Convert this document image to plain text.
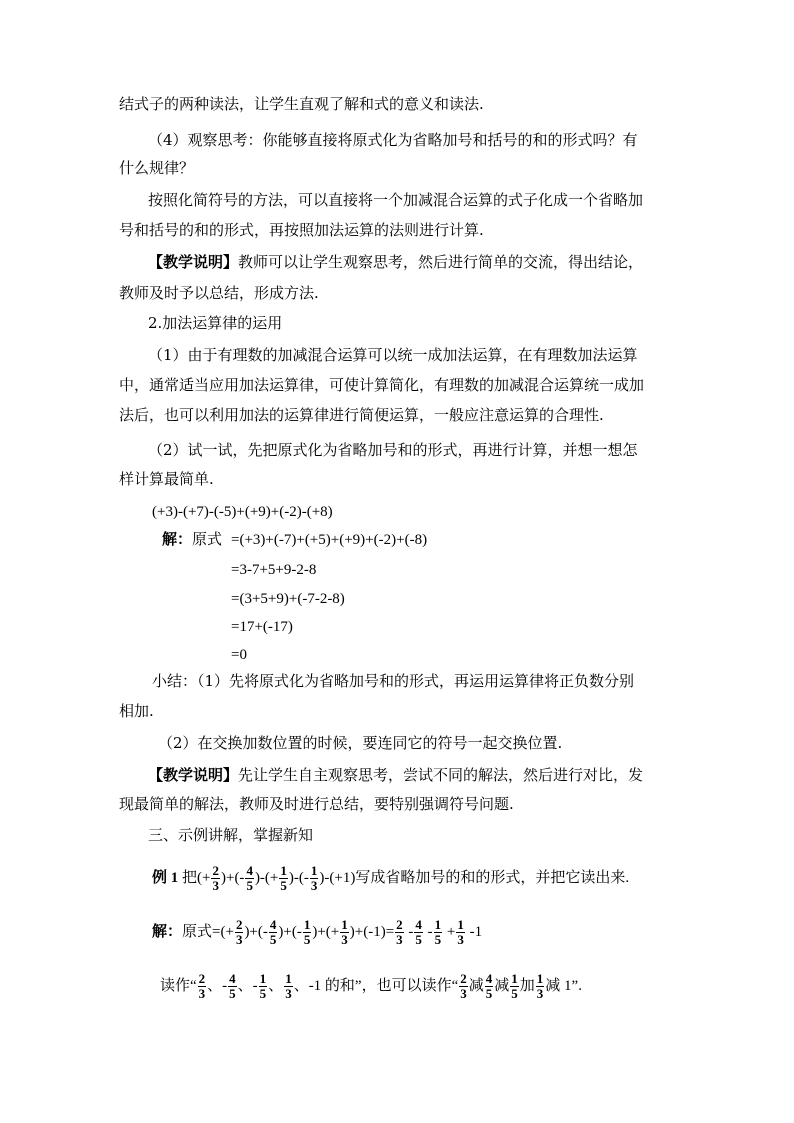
结式子的两种读法，让学生直观了解和式的意义和读法.
（4）观察思考：你能够直接将原式化为省略加号和括号的和的形式吗？有
什么规律？
按照化简符号的方法，可以直接将一个加减混合运算的式子化成一个省略加
号和括号的和的形式，再按照加法运算的法则进行计算.
【教学说明】教师可以让学生观察思考，然后进行简单的交流，得出结论，
教师及时予以总结，形成方法.
2.加法运算律的运用
（1）由于有理数的加减混合运算可以统一成加法运算，在有理数加法运算
中，通常适当应用加法运算律，可使计算简化，有理数的加减混合运算统一成加
法后，也可以利用加法的运算律进行简便运算，一般应注意运算的合理性.
（2）试一试，先把原式化为省略加号和的形式，再进行计算，并想一想怎
样计算最简单.
(+3)-(+7)-(-5)+(+9)+(-2)-(+8)
解：原式 =(+3)+(-7)+(+5)+(+9)+(-2)+(-8)
=3-7+5+9-2-8
=(3+5+9)+(-7-2-8)
=17+(-17)
=0
小结：（1）先将原式化为省略加号和的形式，再运用运算律将正负数分别
相加.
（2）在交换加数位置的时候，要连同它的符号一起交换位置.
【教学说明】先让学生自主观察思考，尝试不同的解法，然后进行对比，发
现最简单的解法，教师及时进行总结，要特别强调符号问题.
三、示例讲解，掌握新知
例 1 把(+ $\frac{2}{3}$ )+(- $\frac{4}{5}$ )-(+ $\frac{1}{5}$ )-(- $\frac{1}{3} )-(+1)$写成省略加号的和的形式，并把它读出来.
解：原式=(+ $\frac{2}{3}$ )+(- $\frac{4}{5}$ )+(- $\frac{1}{5}$ )+(+ $\frac{1}{3} )+(-1)= \frac{2}{3} - \frac{4}{5} - \frac{1}{5} + \frac{1}{3} -1$
读作“ $\frac{2}{3}$ 、- $\frac{4}{5}$ 、- $\frac{1}{5}$ 、 $\frac{1}{3}$ 、-1 的和”，也可以读作“ $\frac{2}{3}$ 减 $\frac{4}{5}$ 减 $\frac{1}{5}$ 加 $\frac{1}{3}$ 减 1”.
